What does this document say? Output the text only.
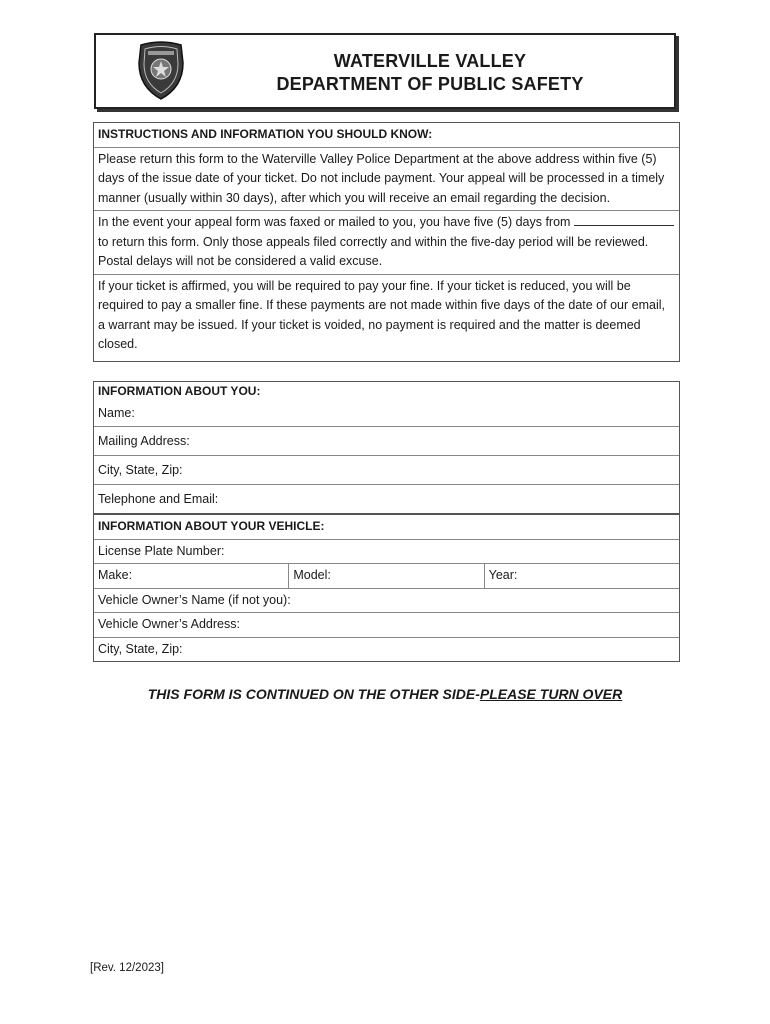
WATERVILLE VALLEY
DEPARTMENT OF PUBLIC SAFETY
INSTRUCTIONS AND INFORMATION YOU SHOULD KNOW:
Please return this form to the Waterville Valley Police Department at the above address within five (5) days of the issue date of your ticket. Do not include payment. Your appeal will be processed in a timely manner (usually within 30 days), after which you will receive an email regarding the decision.
In the event your appeal form was faxed or mailed to you, you have five (5) days from  to return this form. Only those appeals filed correctly and within the five-day period will be reviewed. Postal delays will not be considered a valid excuse.
If your ticket is affirmed, you will be required to pay your fine. If your ticket is reduced, you will be required to pay a smaller fine. If these payments are not made within five days of the date of our email, a warrant may be issued. If your ticket is voided, no payment is required and the matter is deemed closed.
INFORMATION ABOUT YOU:
Name:
Mailing Address:
City, State, Zip:
Telephone and Email:
INFORMATION ABOUT YOUR VEHICLE:
License Plate Number:
Make:	Model:	Year:
Vehicle Owner’s Name (if not you):
Vehicle Owner’s Address:
City, State, Zip:
THIS FORM IS CONTINUED ON THE OTHER SIDE-PLEASE TURN OVER
[Rev. 12/2023]
